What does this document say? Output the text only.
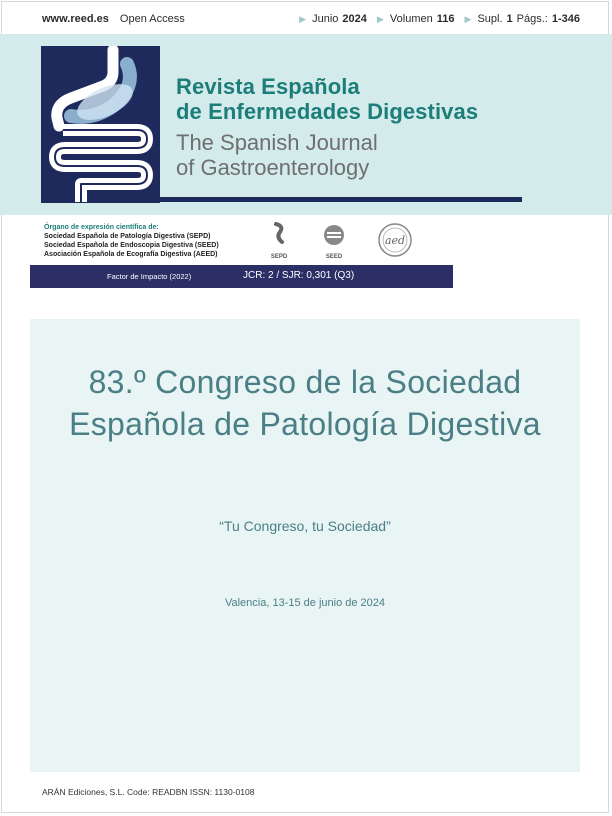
www.reed.es Open Access	▶ Junio 2024 ▶ Volumen 116 ▶ Supl. 1 Págs.: 1-346
Revista Española
de Enfermedades Digestivas
The Spanish Journal
of Gastroenterology
Órgano de expresión científica de:
Sociedad Española de Patología Digestiva (SEPD)
Sociedad Española de Endoscopia Digestiva (SEED)
Asociación Española de Ecografía Digestiva (AEED)	SEPD	SEED
aed
Factor de Impacto (2022)	JCR: 2 / SJR: 0,301 (Q3)
83.º Congreso de la Sociedad
Española de Patología Digestiva
“Tu Congreso, tu Sociedad”
Valencia, 13-15 de junio de 2024
ARÁN Ediciones, S.L. Code: READBN ISSN: 1130-0108
